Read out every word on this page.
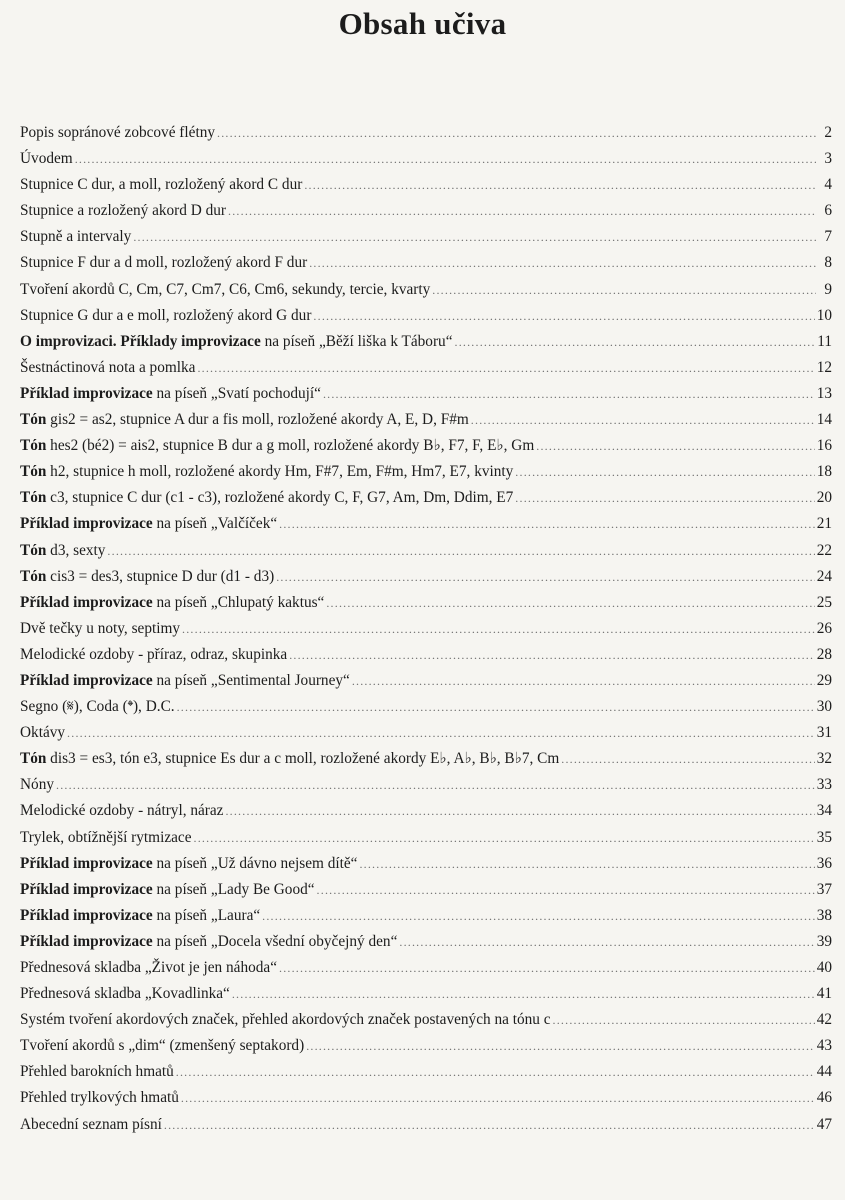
Obsah učiva
Popis sopránové zobcové flétny .....	2
Úvodem .....	3
Stupnice C dur, a moll, rozložený akord C dur .....	4
Stupnice a rozložený akord D dur .....	6
Stupně a intervaly .....	7
Stupnice F dur a d moll, rozložený akord F dur .....	8
Tvoření akordů C, Cm, C7, Cm7, C6, Cm6, sekundy, tercie, kvarty .....	9
Stupnice G dur a e moll, rozložený akord G dur .....	10
O improvizaci. Příklady improvizace na píseň „Běží liška k Táboru“ .....	11
Šestnáctinová nota a pomlka .....	12
Příklad improvizace na píseň „Svatí pochodují“ .....	13
Tón gis2 = as2, stupnice A dur a fis moll, rozložené akordy A, E, D, F#m .....	14
Tón hes2 (bé2) = ais2, stupnice B dur a g moll, rozložené akordy B♭, F7, F, E♭, Gm .....	16
Tón h2, stupnice h moll, rozložené akordy Hm, F#7, Em, F#m, Hm7, E7, kvinty .....	18
Tón c3, stupnice C dur (c1 - c3), rozložené akordy C, F, G7, Am, Dm, Ddim, E7 .....	20
Příklad improvizace na píseň „Valčíček“ .....	21
Tón d3, sexty .....	22
Tón cis3 = des3, stupnice D dur (d1 - d3) .....	24
Příklad improvizace na píseň „Chlupatý kaktus“ .....	25
Dvě tečky u noty, septimy .....	26
Melodické ozdoby - příraz, odraz, skupinka .....	28
Příklad improvizace na píseň „Sentimental Journey“ .....	29
Segno (𝄋), Coda (𝄌), D.C. .....	30
Oktávy .....	31
Tón dis3 = es3, tón e3, stupnice Es dur a c moll, rozložené akordy E♭, A♭, B♭, B♭7, Cm .....	32
Nóny .....	33
Melodické ozdoby - nátryl, náraz .....	34
Trylek, obtížnější rytmizace .....	35
Příklad improvizace na píseň „Už dávno nejsem dítě“ .....	36
Příklad improvizace na píseň „Lady Be Good“ .....	37
Příklad improvizace na píseň „Laura“ .....	38
Příklad improvizace na píseň „Docela všední obyčejný den“ .....	39
Přednesová skladba „Život je jen náhoda“ .....	40
Přednesová skladba „Kovadlinka“ .....	41
Systém tvoření akordových značek, přehled akordových značek postavených na tónu c .....	42
Tvoření akordů s „dim“ (zmenšený septakord) .....	43
Přehled barokních hmatů .....	44
Přehled trylkových hmatů .....	46
Abecední seznam písní .....	47
